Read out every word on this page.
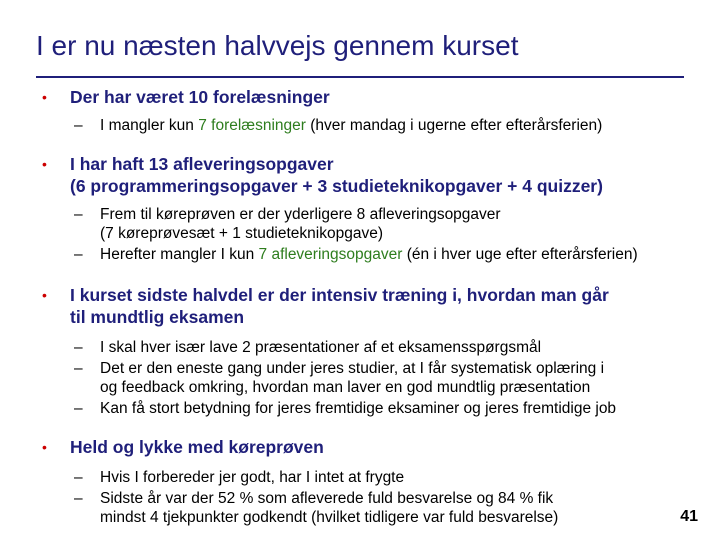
I er nu næsten halvvejs gennem kurset
• Der har været 10 forelæsninger
– I mangler kun 7 forelæsninger (hver mandag i ugerne efter efterårsferien)
• I har haft 13 afleveringsopgaver
(6 programmeringsopgaver + 3 studieteknikopgaver + 4 quizzer)
– Frem til køreprøven er der yderligere 8 afleveringsopgaver
(7 køreprøvesæt + 1 studieteknikopgave)
– Herefter mangler I kun 7 afleveringsopgaver (én i hver uge efter efterårsferien)
• I kurset sidste halvdel er der intensiv træning i, hvordan man går
til mundtlig eksamen
– I skal hver især lave 2 præsentationer af et eksamensspørgsmål
– Det er den eneste gang under jeres studier, at I får systematisk oplæring i
og feedback omkring, hvordan man laver en god mundtlig præsentation
– Kan få stort betydning for jeres fremtidige eksaminer og jeres fremtidige job
• Held og lykke med køreprøven
– Hvis I forbereder jer godt, har I intet at frygte
– Sidste år var der 52 % som afleverede fuld besvarelse og 84 % fik
mindst 4 tjekpunkter godkendt (hvilket tidligere var fuld besvarelse)	41
